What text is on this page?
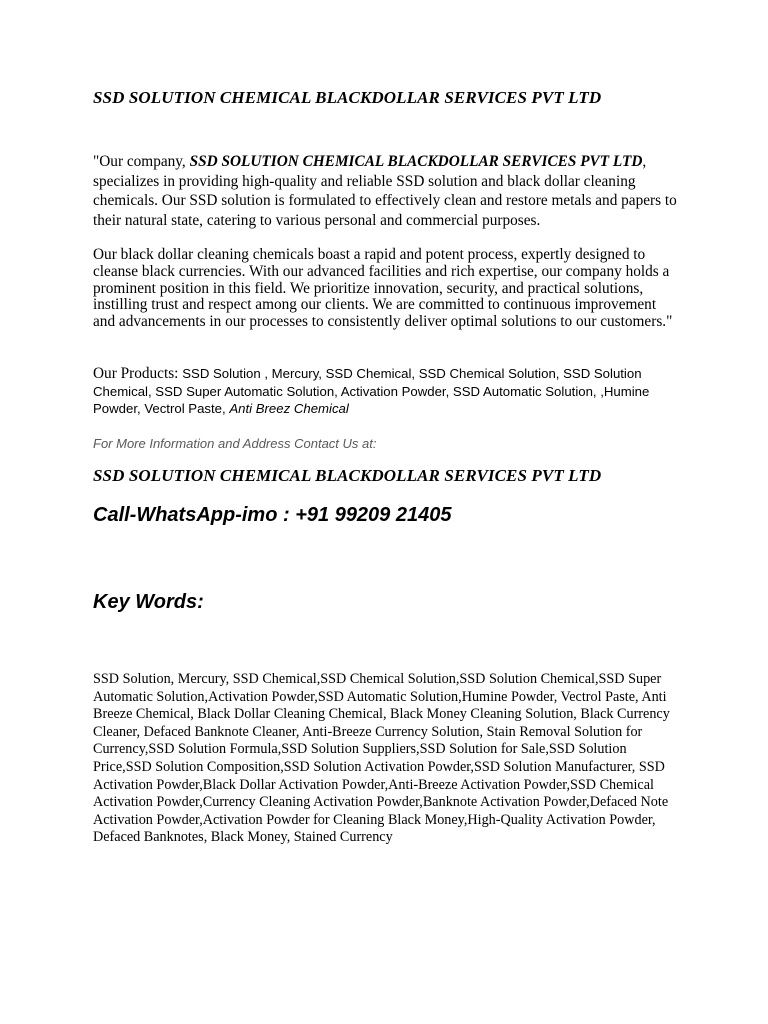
SSD SOLUTION CHEMICAL BLACKDOLLAR SERVICES PVT LTD
"Our company, SSD SOLUTION CHEMICAL BLACKDOLLAR SERVICES PVT LTD, specializes in providing high-quality and reliable SSD solution and black dollar cleaning chemicals. Our SSD solution is formulated to effectively clean and restore metals and papers to their natural state, catering to various personal and commercial purposes.
Our black dollar cleaning chemicals boast a rapid and potent process, expertly designed to cleanse black currencies. With our advanced facilities and rich expertise, our company holds a prominent position in this field. We prioritize innovation, security, and practical solutions, instilling trust and respect among our clients. We are committed to continuous improvement and advancements in our processes to consistently deliver optimal solutions to our customers."
Our Products: SSD Solution , Mercury, SSD Chemical, SSD Chemical Solution, SSD Solution Chemical, SSD Super Automatic Solution, Activation Powder, SSD Automatic Solution, ,Humine Powder, Vectrol Paste, Anti Breez Chemical
For More Information and Address Contact Us at:
SSD SOLUTION CHEMICAL BLACKDOLLAR SERVICES PVT LTD
Call-WhatsApp-imo : +91 99209 21405
Key Words:
SSD Solution, Mercury, SSD Chemical,SSD Chemical Solution,SSD Solution Chemical,SSD Super Automatic Solution,Activation Powder,SSD Automatic Solution,Humine Powder, Vectrol Paste, Anti Breeze Chemical, Black Dollar Cleaning Chemical, Black Money Cleaning Solution, Black Currency Cleaner, Defaced Banknote Cleaner, Anti-Breeze Currency Solution, Stain Removal Solution for Currency,SSD Solution Formula,SSD Solution Suppliers,SSD Solution for Sale,SSD Solution Price,SSD Solution Composition,SSD Solution Activation Powder,SSD Solution Manufacturer, SSD Activation Powder,Black Dollar Activation Powder,Anti-Breeze Activation Powder,SSD Chemical Activation Powder,Currency Cleaning Activation Powder,Banknote Activation Powder,Defaced Note Activation Powder,Activation Powder for Cleaning Black Money,High-Quality Activation Powder, Defaced Banknotes, Black Money, Stained Currency
